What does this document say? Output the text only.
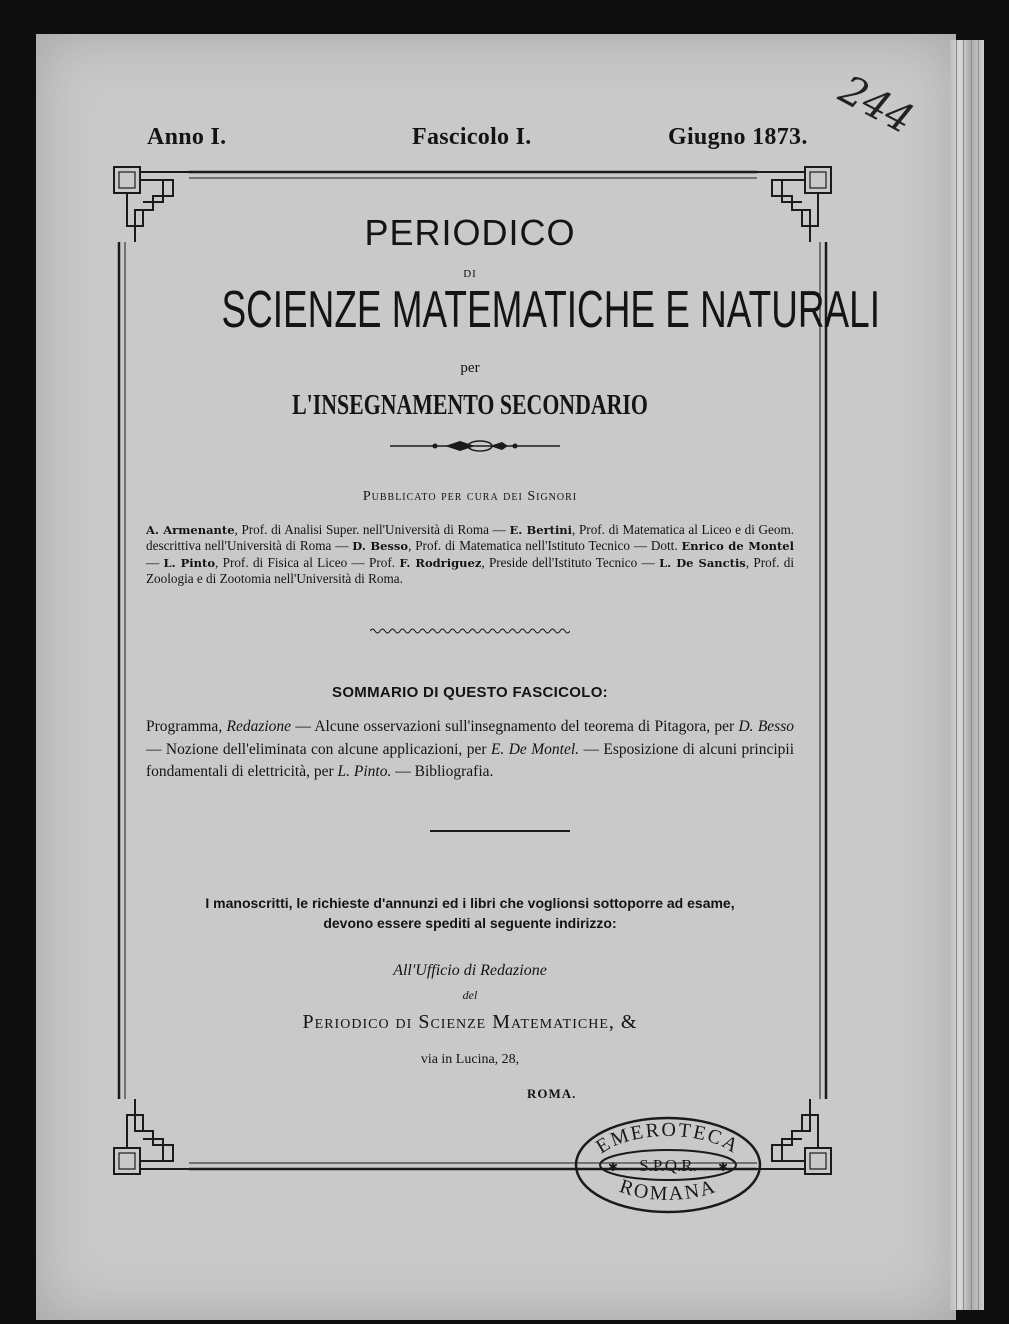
244
Anno I.	Fascicolo I.	Giugno 1873.
PERIODICO
DI
SCIENZE MATEMATICHE E NATURALI
per
L'INSEGNAMENTO SECONDARIO
Pubblicato per cura dei Signori
A. Armenante, Prof. di Analisi Super. nell'Università di Roma — E. Bertini, Prof. di Matematica al Liceo e di Geom. descrittiva nell'Università di Roma — D. Besso, Prof. di Matematica nell'Istituto Tecnico — Dott. Enrico de Montel — L. Pinto, Prof. di Fisica al Liceo — Prof. F. Rodriguez, Preside dell'Istituto Tecnico — L. De Sanctis, Prof. di Zoologia e di Zootomia nell'Università di Roma.
SOMMARIO DI QUESTO FASCICOLO:
Programma, Redazione — Alcune osservazioni sull'insegnamento del teorema di Pitagora, per D. Besso — Nozione dell'eliminata con alcune applicazioni, per E. De Montel. — Esposizione di alcuni principii fondamentali di elettricità, per L. Pinto. — Bibliografia.
I manoscritti, le richieste d'annunzi ed i libri che voglionsi sottoporre ad esame,
devono essere spediti al seguente indirizzo:
All'Ufficio di Redazione
del
Periodico di Scienze Matematiche, &
via in Lucina, 28,
ROMA.
EMEROTECA
S.P.Q.R.
✱	✱
ROMANA
